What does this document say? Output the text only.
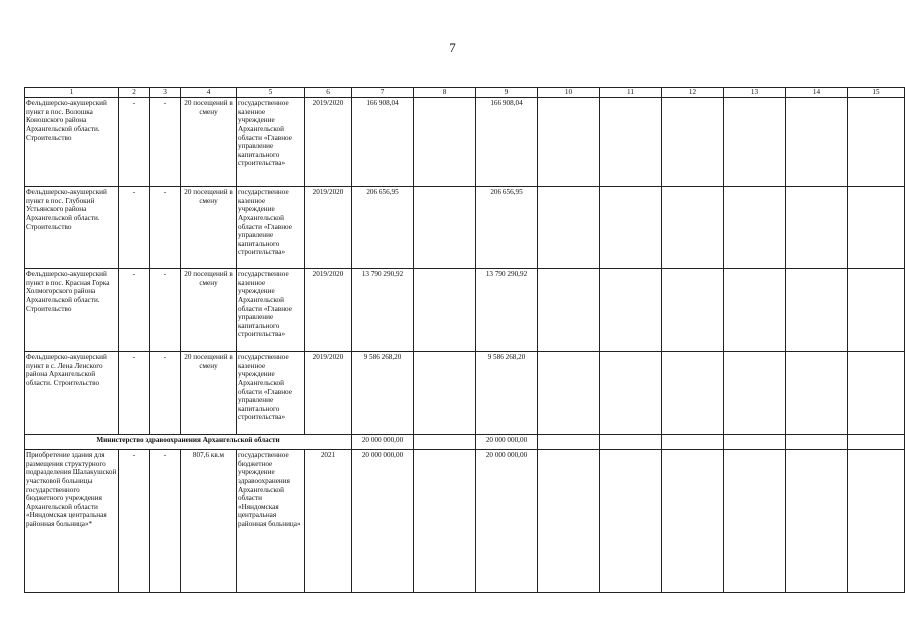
7
1	2	3	4	5	6	7	8	9	10	11	12	13	14	15
Фельдшерско-акушерский пункт в пос. Волошка Коношского района Архангельской области. Строительство	-	-	20 посещений в смену	государственное казенное учреждение Архангельской области «Главное управление капитального строительства»	2019/2020	166 908,04		166 908,04						
Фельдшерско-акушерский пункт в пос. Глубокий Устьянского района Архангельской области. Строительство	-	-	20 посещений в смену	государственное казенное учреждение Архангельской области «Главное управление капитального строительства»	2019/2020	206 656,95		206 656,95						
Фельдшерско-акушерский пункт в пос. Красная Горка Холмогорского района Архангельской области. Строительство	-	-	20 посещений в смену	государственное казенное учреждение Архангельской области «Главное управление капитального строительства»	2019/2020	13 790 290,92		13 790 290,92						
Фельдшерско-акушерский пункт в с. Лена Ленского района Архангельской области. Строительство	-	-	20 посещений в смену	государственное казенное учреждение Архангельской области «Главное управление капитального строительства»	2019/2020	9 586 268,20		9 586 268,20						
Министерство здравоохранения Архангельской области						20 000 000,00		20 000 000,00						
Приобретение здания для размещения структурного подразделения Шалакушской участковой больницы государственного бюджетного учреждения Архангельской области «Няндомская центральная районная больница»*	-	-	807,6 кв.м	государственное бюджетное учреждение здравоохранения Архангельской области «Няндомская центральная районная больница»	2021	20 000 000,00		20 000 000,00						
